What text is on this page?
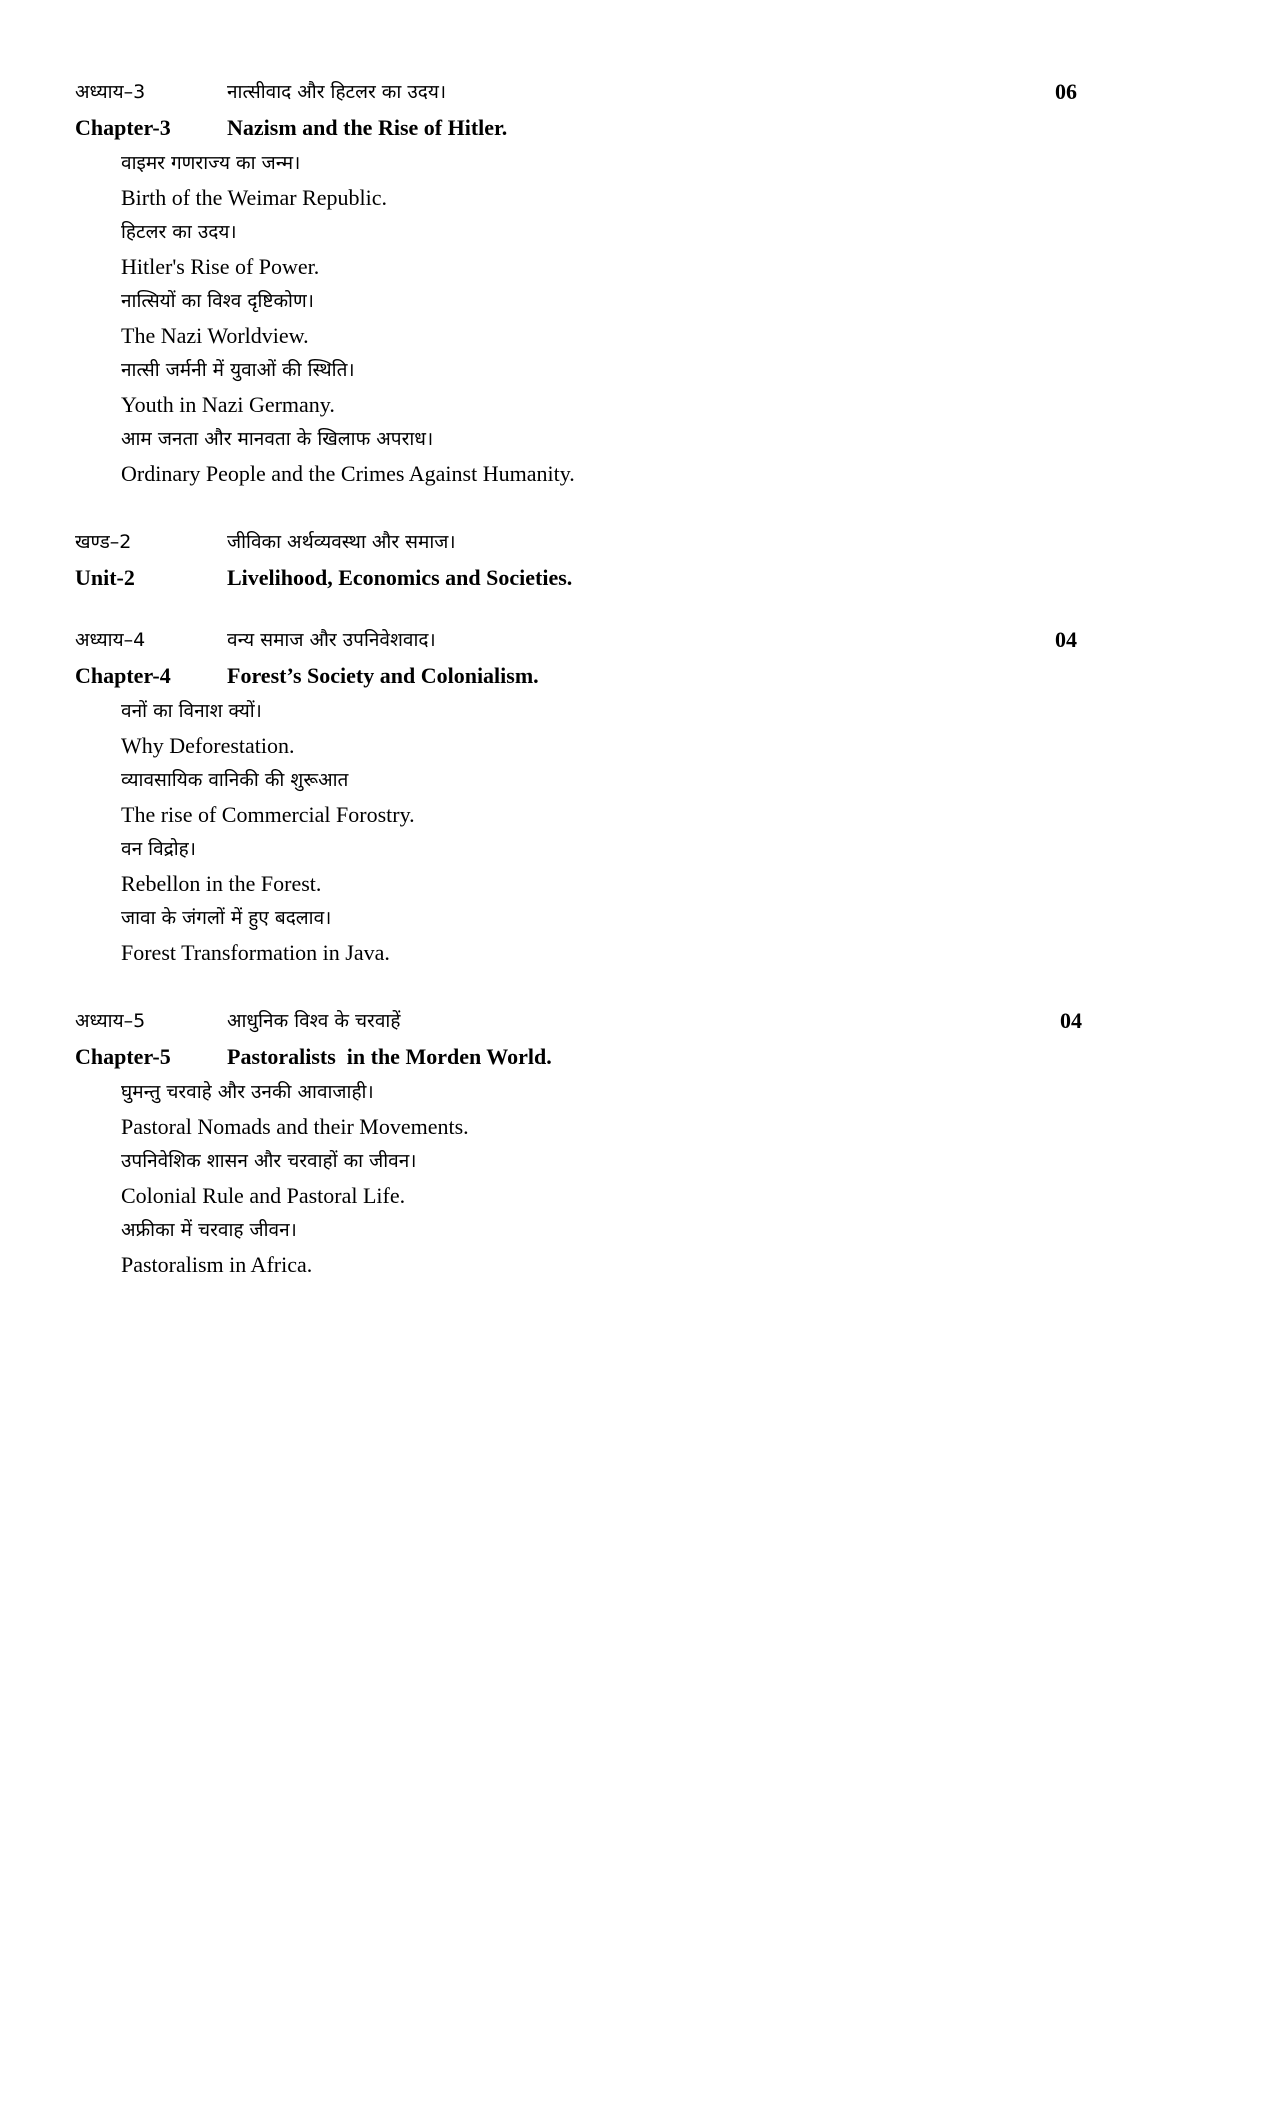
अध्याय–3	नात्सीवाद और हिटलर का उदय।	06
Chapter-3	Nazism and the Rise of Hitler.
वाइमर गणराज्य का जन्म।
Birth of the Weimar Republic.
हिटलर का उदय।
Hitler's Rise of Power.
नात्सियों का विश्व दृष्टिकोण।
The Nazi Worldview.
नात्सी जर्मनी में युवाओं की स्थिति।
Youth in Nazi Germany.
आम जनता और मानवता के खिलाफ अपराध।
Ordinary People and the Crimes Against Humanity.
खण्ड–2	जीविका अर्थव्यवस्था और समाज।
Unit-2	Livelihood, Economics and Societies.
अध्याय–4	वन्य समाज और उपनिवेशवाद।	04
Chapter-4	Forest’s Society and Colonialism.
वनों का विनाश क्यों।
Why Deforestation.
व्यावसायिक वानिकी की शुरूआत
The rise of Commercial Forostry.
वन विद्रोह।
Rebellon in the Forest.
जावा के जंगलों में हुए बदलाव।
Forest Transformation in Java.
अध्याय–5	आधुनिक विश्व के चरवाहें	04
Chapter-5	Pastoralists  in the Morden World.
घुमन्तु चरवाहे और उनकी आवाजाही।
Pastoral Nomads and their Movements.
उपनिवेशिक शासन और चरवाहों का जीवन।
Colonial Rule and Pastoral Life.
अफ्रीका में चरवाह जीवन।
Pastoralism in Africa.
